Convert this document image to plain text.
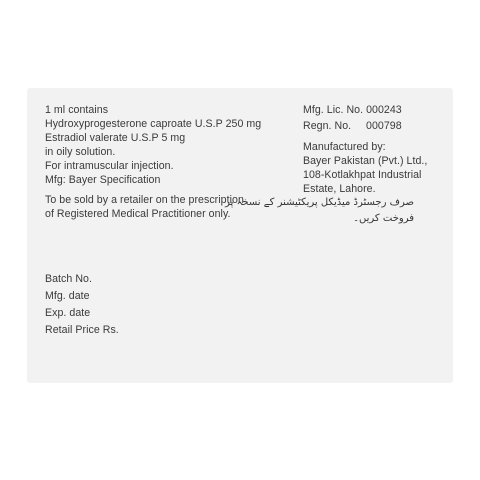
1 ml contains
Hydroxyprogesterone caproate U.S.P 250 mg
Estradiol valerate U.S.P 5 mg
in oily solution.
For intramuscular injection.
Mfg: Bayer Specification
To be sold by a retailer on the prescription
of Registered Medical Practitioner only.
Mfg. Lic. No. 000243
Regn. No. 000798
Manufactured by:
Bayer Pakistan (Pvt.) Ltd.,
108-Kotlakhpat Industrial
Estate, Lahore.
صرف رجسٹرڈ میڈیکل پریکٹیشنر کے نسخہ پر
فروخت کریں۔
Batch No.
Mfg. date
Exp. date
Retail Price Rs.
